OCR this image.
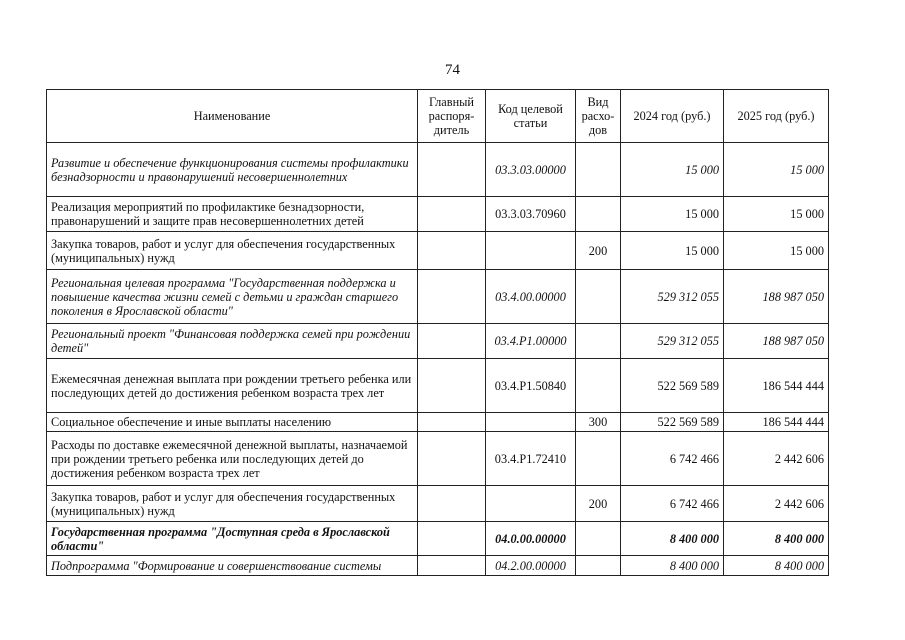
74
Наименование	Главный распоря-дитель	Код целевой статьи	Вид расхо-дов	2024 год (руб.)	2025 год (руб.)
Развитие и обеспечение функционирования системы профилактики безнадзорности и правонарушений несовершеннолетних		03.3.03.00000		15 000	15 000
Реализация мероприятий по профилактике безнадзорности, правонарушений и защите прав несовершеннолетних детей		03.3.03.70960		15 000	15 000
Закупка товаров, работ и услуг для обеспечения государственных (муниципальных) нужд			200	15 000	15 000
Региональная целевая программа "Государственная поддержка и повышение качества жизни семей с детьми и граждан старшего поколения в Ярославской области"		03.4.00.00000		529 312 055	188 987 050
Региональный проект "Финансовая поддержка семей при рождении детей"		03.4.Р1.00000		529 312 055	188 987 050
Ежемесячная денежная выплата при рождении третьего ребенка или последующих детей до достижения ребенком возраста трех лет		03.4.Р1.50840		522 569 589	186 544 444
Социальное обеспечение и иные выплаты населению			300	522 569 589	186 544 444
Расходы по доставке ежемесячной денежной выплаты, назначаемой при рождении третьего ребенка или последующих детей до достижения ребенком возраста трех лет		03.4.Р1.72410		6 742 466	2 442 606
Закупка товаров, работ и услуг для обеспечения государственных (муниципальных) нужд			200	6 742 466	2 442 606
Государственная программа "Доступная среда в Ярославской области"		04.0.00.00000		8 400 000	8 400 000
Подпрограмма "Формирование и совершенствование системы		04.2.00.00000		8 400 000	8 400 000
